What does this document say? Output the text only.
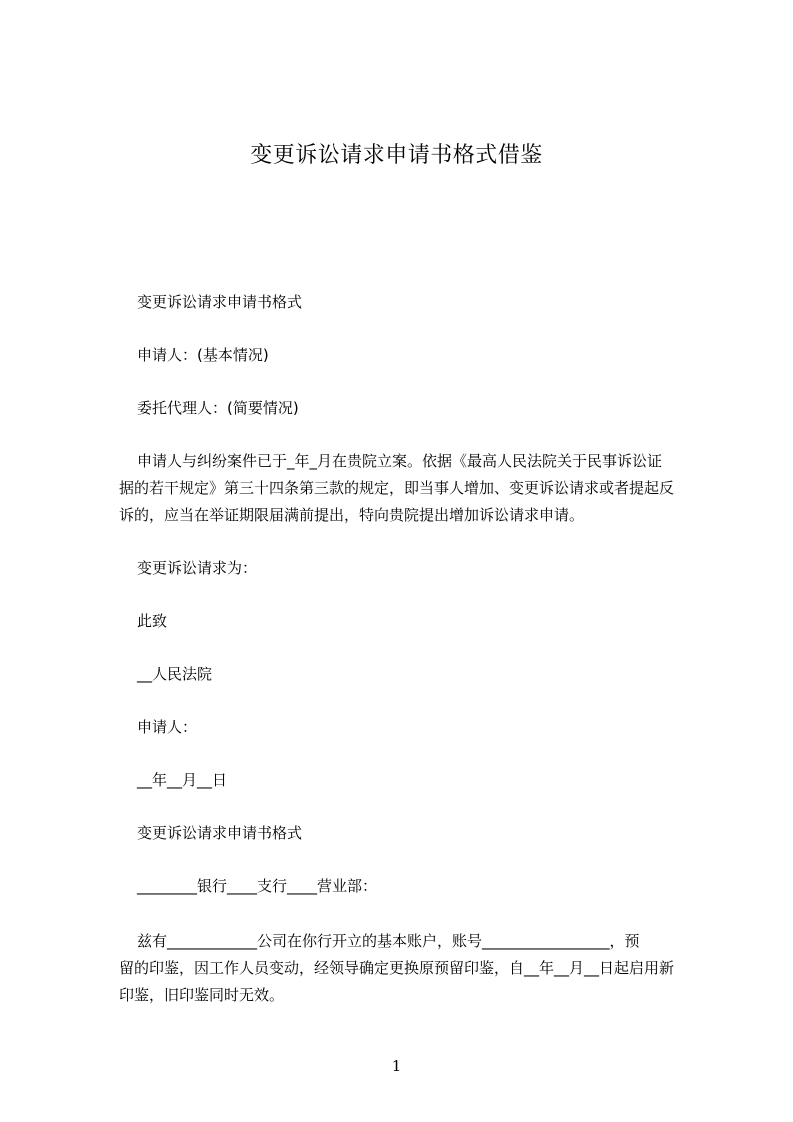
变更诉讼请求申请书格式借鉴
变更诉讼请求申请书格式
申请人：(基本情况)
委托代理人：(简要情况)
申请人与纠纷案件已于_年_月在贵院立案。依据《最高人民法院关于民事诉讼证
据的若干规定》第三十四条第三款的规定，即当事人增加、变更诉讼请求或者提起反
诉的，应当在举证期限届满前提出，特向贵院提出增加诉讼请求申请。
变更诉讼请求为：
此致
__人民法院
申请人：
__年__月__日
变更诉讼请求申请书格式
________银行____支行____营业部：
兹有____________公司在你行开立的基本账户，账号_________________，预
留的印鉴，因工作人员变动，经领导确定更换原预留印鉴，自__年__月__日起启用新
印鉴，旧印鉴同时无效。
1
